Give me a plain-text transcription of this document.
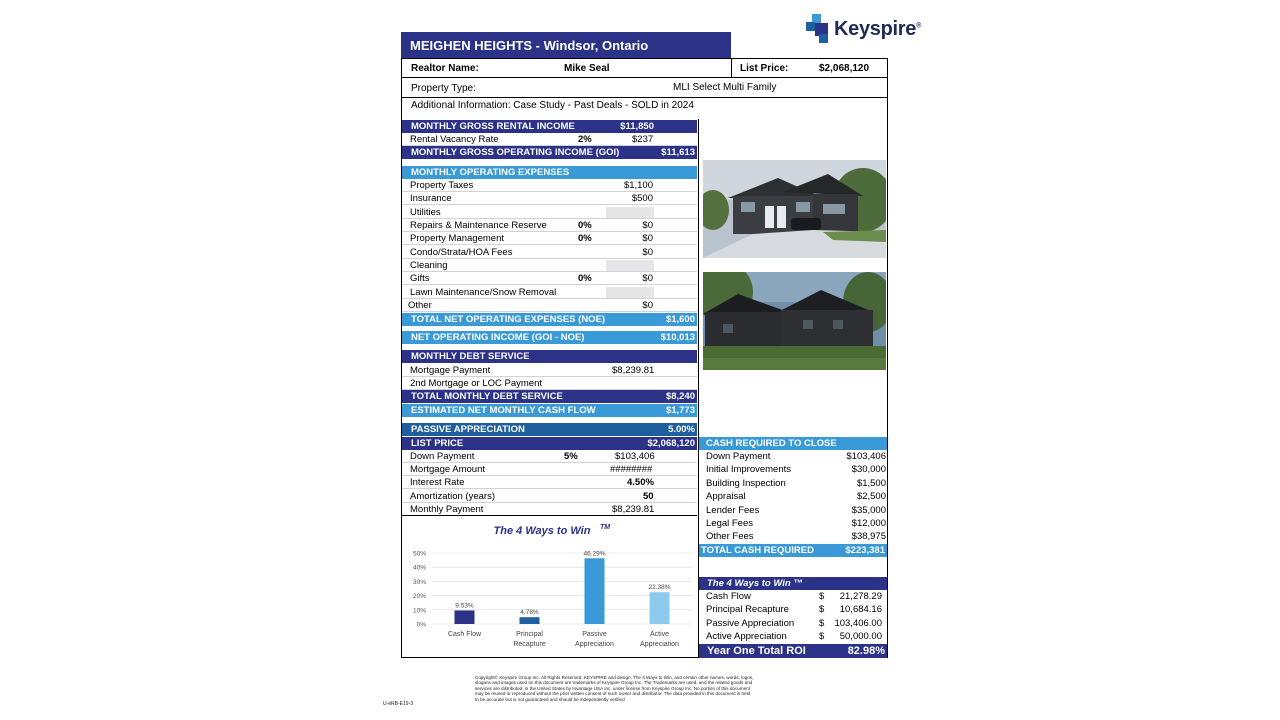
Keyspire®
MEIGHEN HEIGHTS - Windsor, Ontario
Realtor Name:	Mike Seal	List Price:	$2,068,120
Property Type:	MLI Select Multi Family
Additional Information: Case Study - Past Deals - SOLD in 2024
MONTHLY GROSS RENTAL INCOME	$11,850
Rental Vacancy Rate	2%	$237
MONTHLY GROSS OPERATING INCOME (GOI)	$11,613
MONTHLY OPERATING EXPENSES
Property Taxes	$1,100
Insurance	$500
Utilities
Repairs & Maintenance Reserve	0%	$0
Property Management	0%	$0
Condo/Strata/HOA Fees	$0
Cleaning
Gifts	0%	$0
Lawn Maintenance/Snow Removal
Other	$0
TOTAL NET OPERATING EXPENSES (NOE)	$1,600
NET OPERATING INCOME (GOI - NOE)	$10,013
MONTHLY DEBT SERVICE
Mortgage Payment	$8,239.81
2nd Mortgage or LOC Payment
TOTAL MONTHLY DEBT SERVICE	$8,240
ESTIMATED NET MONTHLY CASH FLOW	$1,773
PASSIVE APPRECIATION	5.00%
LIST PRICE	$2,068,120
Down Payment	5%	$103,406
Mortgage Amount	########
Interest Rate	4.50%
Amortization (years)	50
Monthly Payment	$8,239.81
The 4 Ways to Win TM
0%
10%
20%
30%
40%
50%
9.53%
Cash Flow
4.78%
Principal
Recapture
46.29%
Passive
Appreciation
22.38%
Active
Appreciation
CASH REQUIRED TO CLOSE
Down Payment	$103,406
Initial Improvements	$30,000
Building Inspection	$1,500
Appraisal	$2,500
Lender Fees	$35,000
Legal Fees	$12,000
Other Fees	$38,975
TOTAL CASH REQUIRED	$223,381
The 4 Ways to Win ™
Cash Flow	$ 21,278.29
Principal Recapture	$ 10,684.16
Passive Appreciation	$ 103,406.00
Active Appreciation	$ 50,000.00
Year One Total ROI	82.98%
Copyright© Keyspire Group Inc. All Rights Reserved. KEYSPIRE and design, The 4 Ways to Win, and certain other names, words, logos,
slogans and images used on this document are trademarks of Keyspire Group Inc. The Trademarks are used, and the related goods and
services are distributed, in the United States by Invantage USA Inc. under license from Keyspire Group Inc. No portion of this document
may be reused or reproduced without the prior written consent of such owner and distributor. The data provided in this document is held
to be accurate but is not guaranteed and should be independently verified
U-eRB-E19-3
